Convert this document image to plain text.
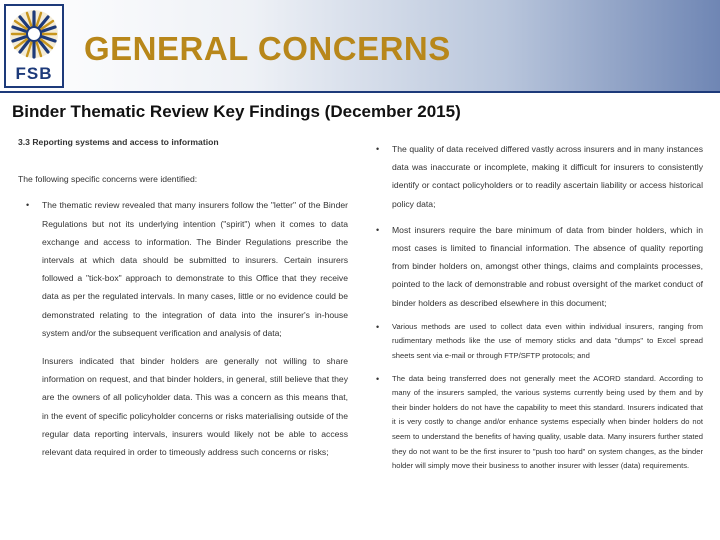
FSB
GENERAL CONCERNS
Binder Thematic Review Key Findings (December 2015)
3.3 Reporting systems and access to information
The following specific concerns were identified:
• The thematic review revealed that many insurers follow the "letter" of the Binder Regulations but not its underlying intention ("spirit") when it comes to data exchange and access to information. The Binder Regulations prescribe the intervals at which data should be submitted to insurers. Certain insurers followed a "tick-box" approach to demonstrate to this Office that they receive data as per the regulated intervals. In many cases, little or no evidence could be demonstrated relating to the integration of data into the insurer's in-house system and/or the subsequent verification and analysis of data;
Insurers indicated that binder holders are generally not willing to share information on request, and that binder holders, in general, still believe that they are the owners of all policyholder data. This was a concern as this means that, in the event of specific policyholder concerns or risks materialising outside of the regular data reporting intervals, insurers would likely not be able to access relevant data required in order to timeously address such concerns or risks;
• The quality of data received differed vastly across insurers and in many instances data was inaccurate or incomplete, making it difficult for insurers to consistently identify or contact policyholders or to readily ascertain liability or access historical policy data;
• Most insurers require the bare minimum of data from binder holders, which in most cases is limited to financial information. The absence of quality reporting from binder holders on, amongst other things, claims and complaints processes, pointed to the lack of demonstrable and robust oversight of the market conduct of binder holders as described elsewhere in this document;
• Various methods are used to collect data even within individual insurers, ranging from rudimentary methods like the use of memory sticks and data "dumps" to Excel spread sheets sent via e-mail or through FTP/SFTP protocols; and
• The data being transferred does not generally meet the ACORD standard. According to many of the insurers sampled, the various systems currently being used by them and by their binder holders do not have the capability to meet this standard. Insurers indicated that it is very costly to change and/or enhance systems especially when binder holders do not seem to understand the benefits of having quality, usable data. Many insurers further stated they do not want to be the first insurer to "push too hard" on system changes, as the binder holder will simply move their business to another insurer with lesser (data) requirements.
